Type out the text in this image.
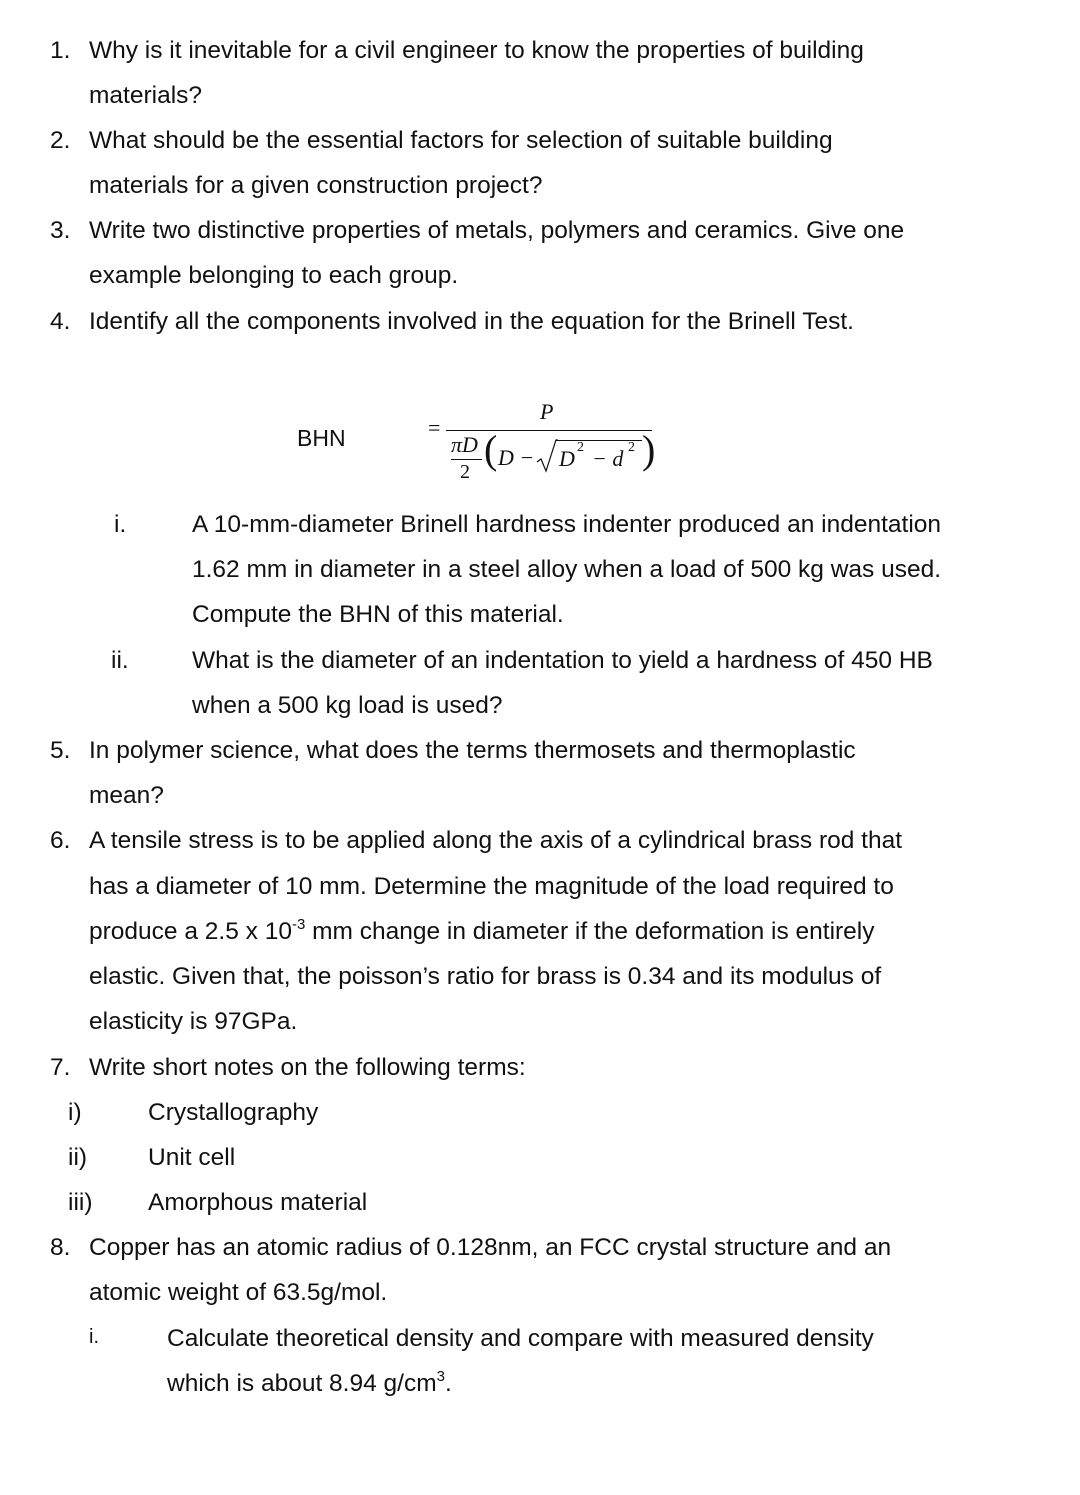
1. Why is it inevitable for a civil engineer to know the properties of building
materials?
2. What should be the essential factors for selection of suitable building
materials for a given construction project?
3. Write two distinctive properties of metals, polymers and ceramics. Give one
example belonging to each group.
4. Identify all the components involved in the equation for the Brinell Test.
BHN	=
P
πD
2 ( D − D 2 − d 2 )
i.	A 10-mm-diameter Brinell hardness indenter produced an indentation
1.62 mm in diameter in a steel alloy when a load of 500 kg was used.
Compute the BHN of this material.
ii.	What is the diameter of an indentation to yield a hardness of 450 HB
when a 500 kg load is used?
5. In polymer science, what does the terms thermosets and thermoplastic
mean?
6. A tensile stress is to be applied along the axis of a cylindrical brass rod that
has a diameter of 10 mm. Determine the magnitude of the load required to
produce a 2.5 x $10^{-3}$ mm change in diameter if the deformation is entirely
elastic. Given that, the poisson’s ratio for brass is 0.34 and its modulus of
elasticity is 97GPa.
7. Write short notes on the following terms:
i)	Crystallography
ii) Unit cell
iii) Amorphous material
8. Copper has an atomic radius of 0.128nm, an FCC crystal structure and an
atomic weight of 63.5g/mol.
i.	Calculate theoretical density and compare with measured density
which is about 8.94 $g/cm^3$.
